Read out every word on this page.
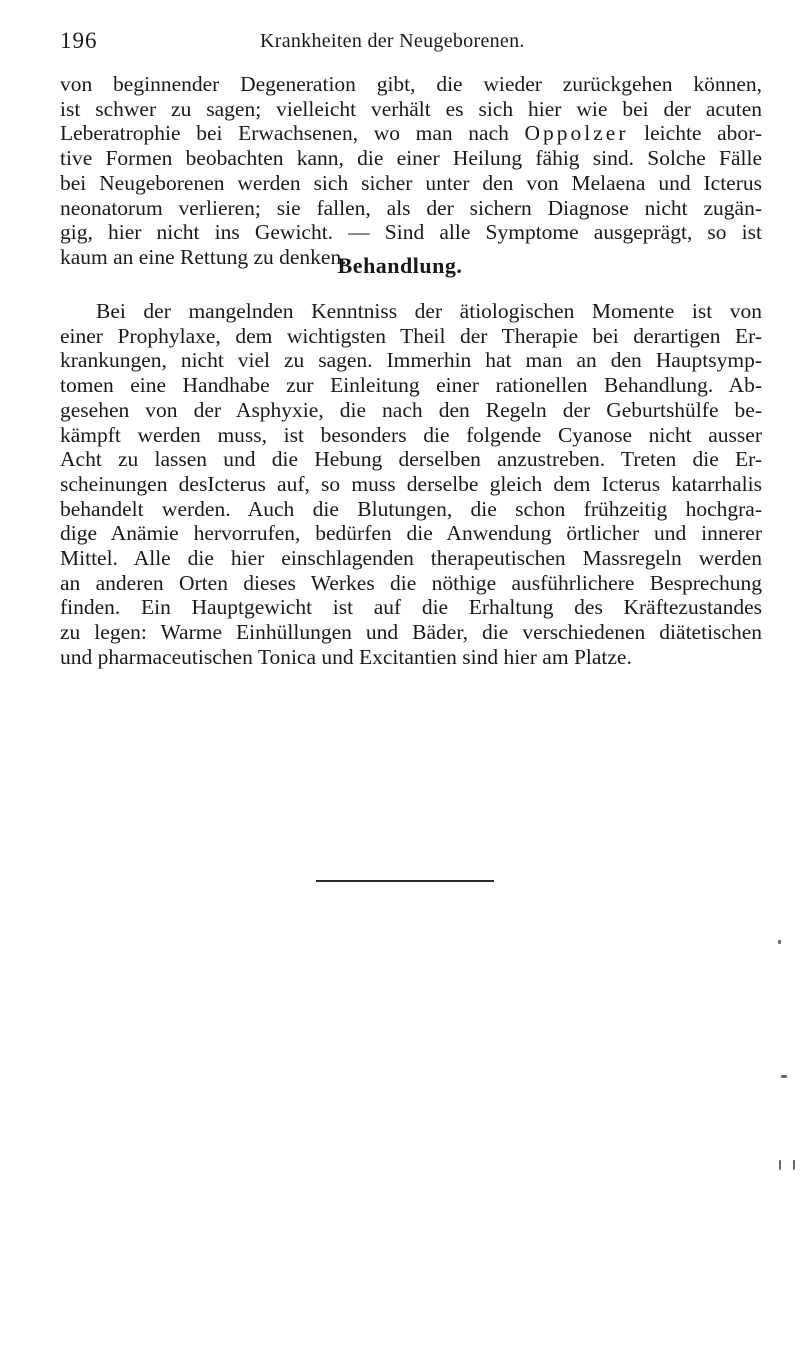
196	Krankheiten der Neugeborenen.

von beginnender Degeneration gibt, die wieder zurückgehen können,
ist schwer zu sagen; vielleicht verhält es sich hier wie bei der acuten
Leberatrophie bei Erwachsenen, wo man nach Oppolzer leichte abor-
tive Formen beobachten kann, die einer Heilung fähig sind. Solche Fälle
bei Neugeborenen werden sich sicher unter den von Melaena und Icterus
neonatorum verlieren; sie fallen, als der sichern Diagnose nicht zugän-
gig, hier nicht ins Gewicht. — Sind alle Symptome ausgeprägt, so ist
kaum an eine Rettung zu denken.

Behandlung.

Bei der mangelnden Kenntniss der ätiologischen Momente ist von
einer Prophylaxe, dem wichtigsten Theil der Therapie bei derartigen Er-
krankungen, nicht viel zu sagen. Immerhin hat man an den Hauptsymp-
tomen eine Handhabe zur Einleitung einer rationellen Behandlung. Ab-
gesehen von der Asphyxie, die nach den Regeln der Geburtshülfe be-
kämpft werden muss, ist besonders die folgende Cyanose nicht ausser
Acht zu lassen und die Hebung derselben anzustreben. Treten die Er-
scheinungen desIcterus auf, so muss derselbe gleich dem Icterus katarrhalis
behandelt werden. Auch die Blutungen, die schon frühzeitig hochgra-
dige Anämie hervorrufen, bedürfen die Anwendung örtlicher und innerer
Mittel. Alle die hier einschlagenden therapeutischen Massregeln werden
an anderen Orten dieses Werkes die nöthige ausführlichere Besprechung
finden. Ein Hauptgewicht ist auf die Erhaltung des Kräftezustandes
zu legen: Warme Einhüllungen und Bäder, die verschiedenen diätetischen
und pharmaceutischen Tonica und Excitantien sind hier am Platze.
